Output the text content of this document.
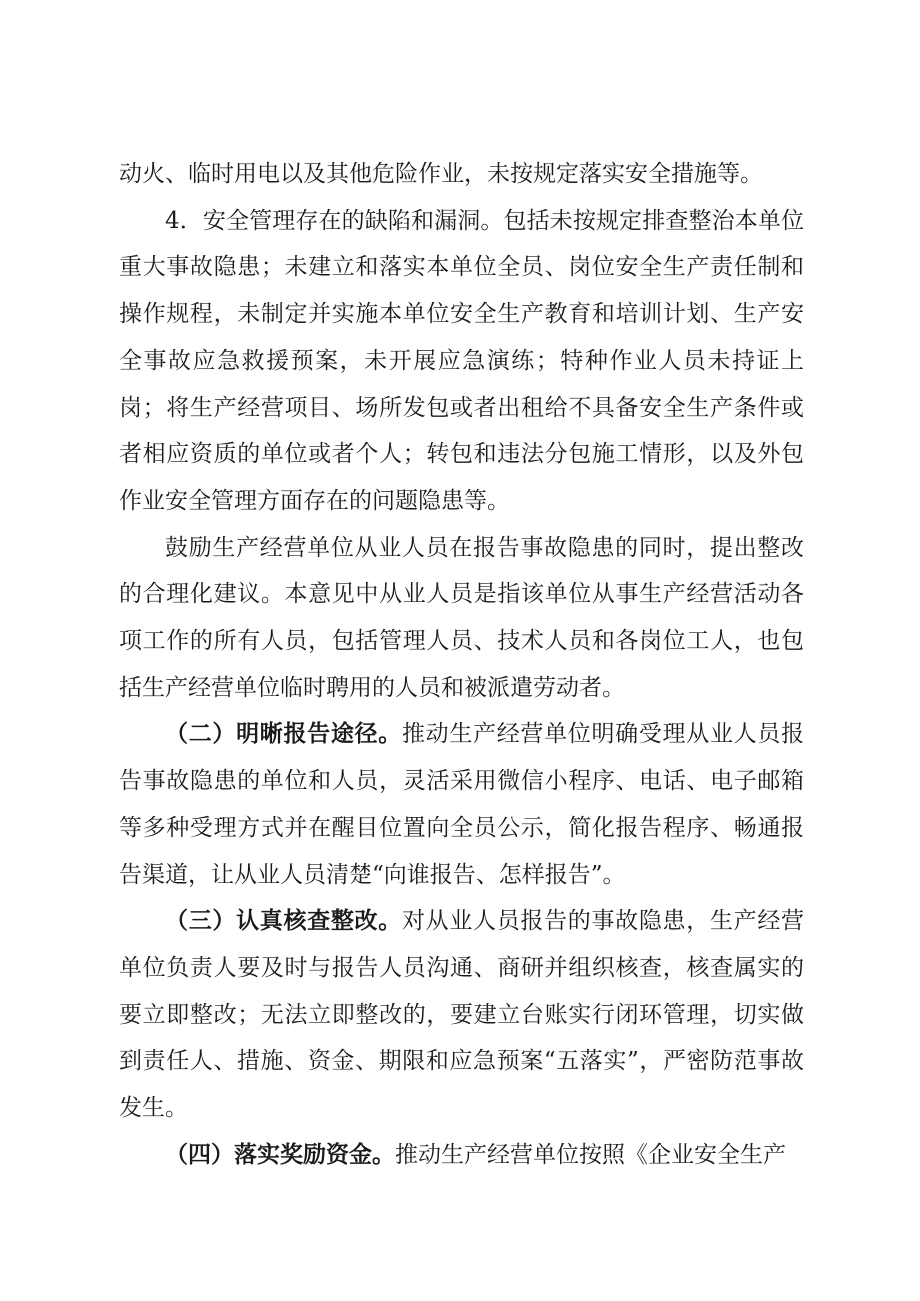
动火、临时用电以及其他危险作业，未按规定落实安全措施等。

4．安全管理存在的缺陷和漏洞。包括未按规定排查整治本单位重大事故隐患；未建立和落实本单位全员、岗位安全生产责任制和操作规程，未制定并实施本单位安全生产教育和培训计划、生产安全事故应急救援预案，未开展应急演练；特种作业人员未持证上岗；将生产经营项目、场所发包或者出租给不具备安全生产条件或者相应资质的单位或者个人；转包和违法分包施工情形，以及外包作业安全管理方面存在的问题隐患等。

鼓励生产经营单位从业人员在报告事故隐患的同时，提出整改的合理化建议。本意见中从业人员是指该单位从事生产经营活动各项工作的所有人员，包括管理人员、技术人员和各岗位工人，也包括生产经营单位临时聘用的人员和被派遣劳动者。

（二）明晰报告途径。推动生产经营单位明确受理从业人员报告事故隐患的单位和人员，灵活采用微信小程序、电话、电子邮箱等多种受理方式并在醒目位置向全员公示，简化报告程序、畅通报告渠道，让从业人员清楚“向谁报告、怎样报告”。

（三）认真核查整改。对从业人员报告的事故隐患，生产经营单位负责人要及时与报告人员沟通、商研并组织核查，核查属实的要立即整改；无法立即整改的，要建立台账实行闭环管理，切实做到责任人、措施、资金、期限和应急预案“五落实”，严密防范事故发生。

（四）落实奖励资金。推动生产经营单位按照《企业安全生产
